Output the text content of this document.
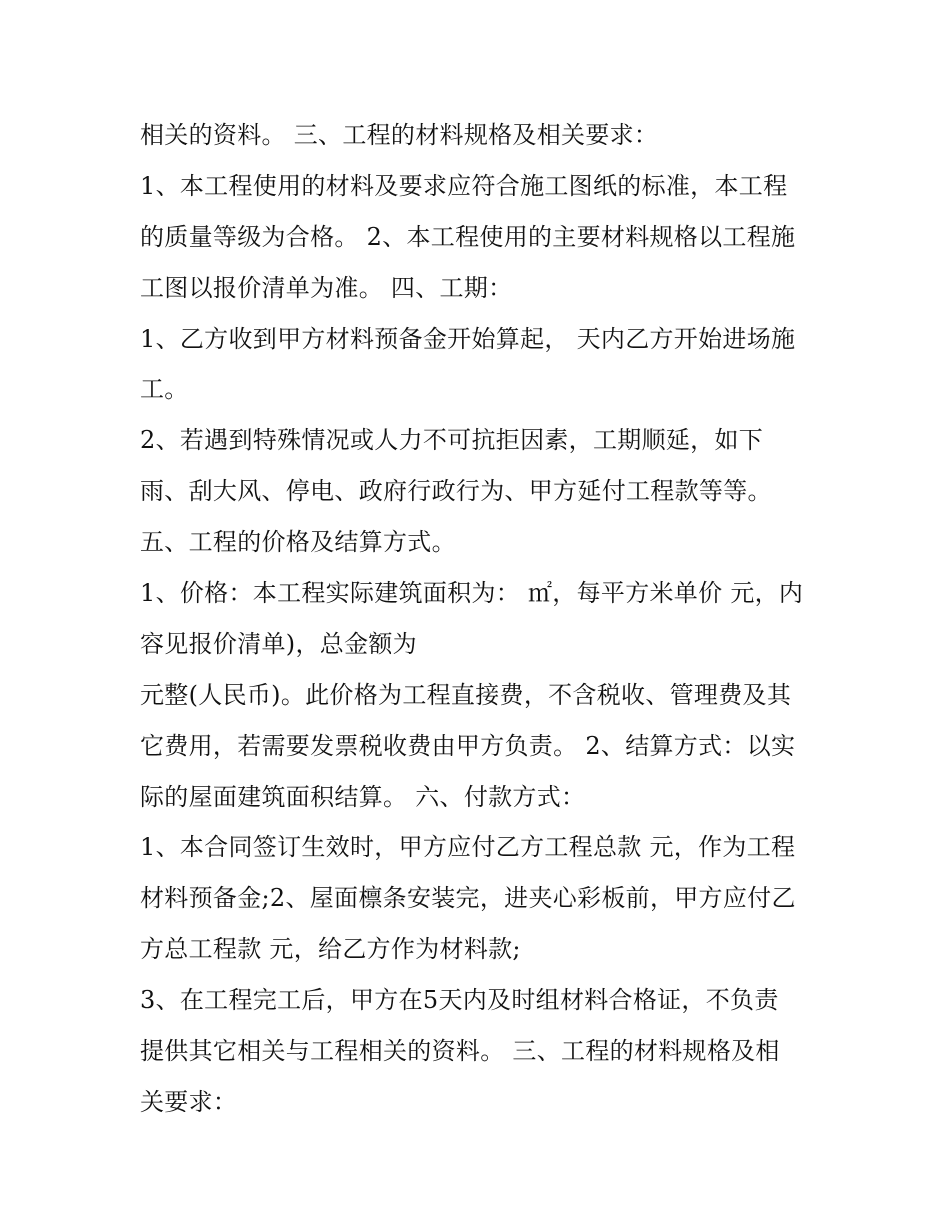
相关的资料。 三、工程的材料规格及相关要求：
1、本工程使用的材料及要求应符合施工图纸的标准，本工程
的质量等级为合格。 2、本工程使用的主要材料规格以工程施
工图以报价清单为准。 四、工期：
1、乙方收到甲方材料预备金开始算起， 天内乙方开始进场施
工。
2、若遇到特殊情况或人力不可抗拒因素，工期顺延，如下
雨、刮大风、停电、政府行政行为、甲方延付工程款等等。
五、工程的价格及结算方式。
1、价格：本工程实际建筑面积为： ㎡，每平方米单价 元，内
容见报价清单)，总金额为
元整(人民币)。此价格为工程直接费，不含税收、管理费及其
它费用，若需要发票税收费由甲方负责。 2、结算方式：以实
际的屋面建筑面积结算。 六、付款方式：
1、本合同签订生效时，甲方应付乙方工程总款 元，作为工程
材料预备金;2、屋面檩条安装完，进夹心彩板前，甲方应付乙
方总工程款 元，给乙方作为材料款;
3、在工程完工后，甲方在5天内及时组材料合格证，不负责
提供其它相关与工程相关的资料。 三、工程的材料规格及相
关要求：
